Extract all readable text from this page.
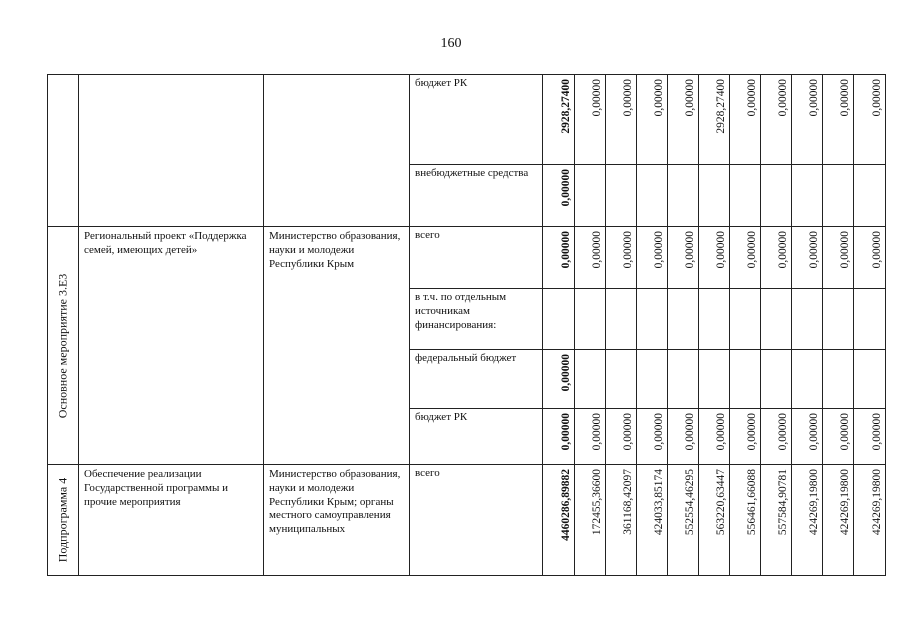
160
			бюджет РК	2928,27400	0,00000	0,00000	0,00000	0,00000	2928,27400	0,00000	0,00000	0,00000	0,00000	0,00000

			внебюджетные средства	0,00000										

Основное мероприятие 3.Е3	Региональный проект «Поддержка семей, имеющих детей»	Министерство образования, науки и молодежи Республики Крым	всего	0,00000	0,00000	0,00000	0,00000	0,00000	0,00000	0,00000	0,00000	0,00000	0,00000	0,00000

			в т.ч. по отдельным источникам финансирования:											
			федеральный бюджет	0,00000										

			бюджет РК	0,00000	0,00000	0,00000	0,00000	0,00000	0,00000	0,00000	0,00000	0,00000	0,00000	0,00000

Подпрограмма 4	Обеспечение реализации Государственной программы и прочие мероприятия	Министерство образования, науки и молодежи Республики Крым; органы местного самоуправления муниципальных	всего	4460286,89882	172455,36600	361168,42097	424033,85174	552554,46295	563220,63447	556461,66088	557584,90781	424269,19800	424269,19800	424269,19800
